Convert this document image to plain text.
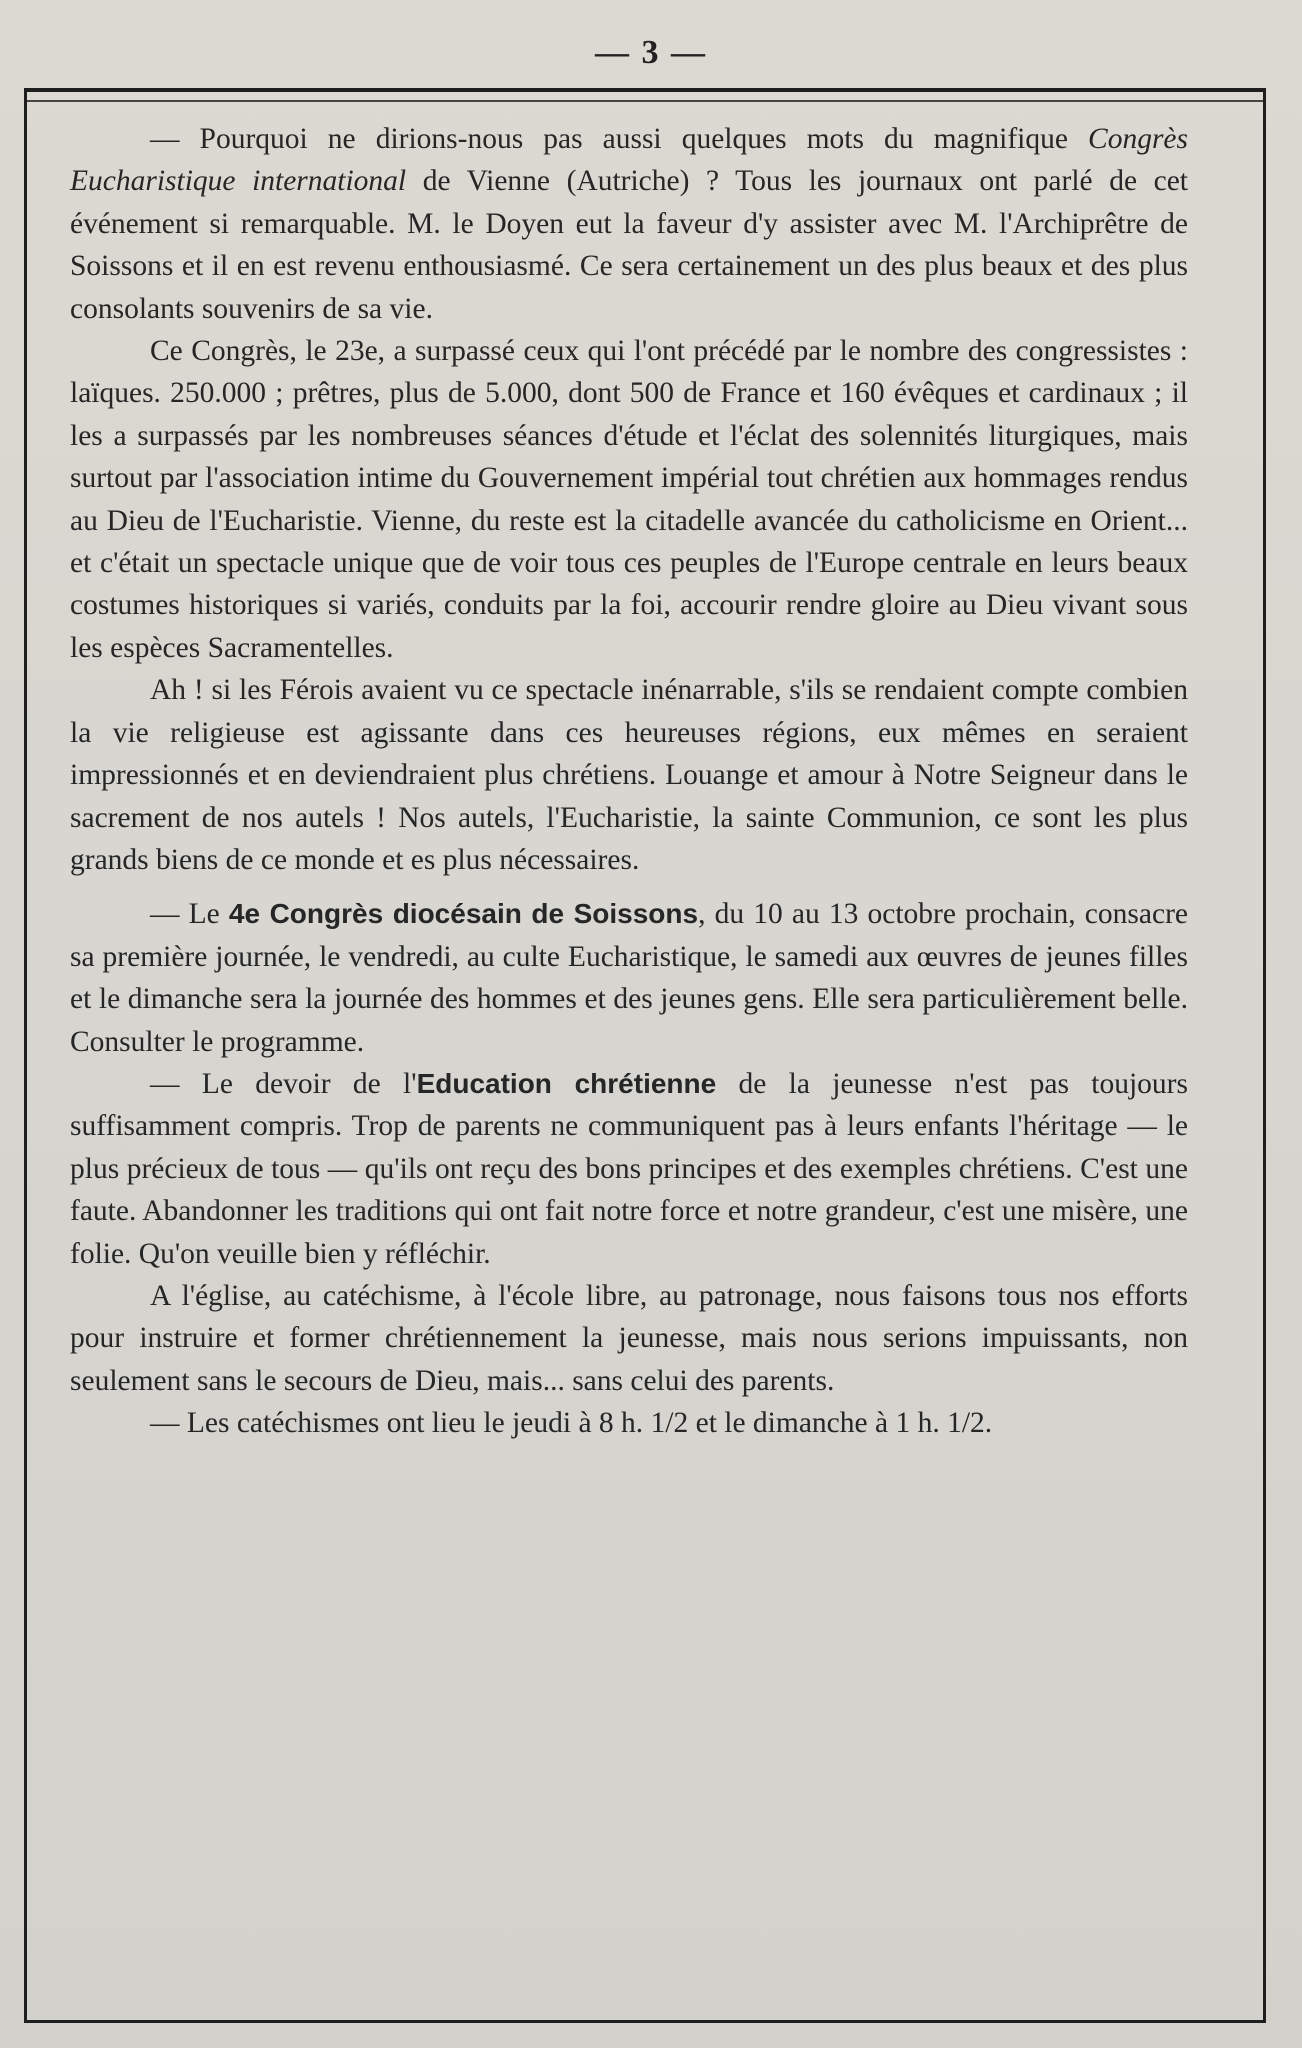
— 3 —

— Pourquoi ne dirions-nous pas aussi quelques mots du magnifique Congrès Eucharistique international de Vienne (Autriche) ? Tous les journaux ont parlé de cet événement si remarquable. M. le Doyen eut la faveur d'y assister avec M. l'Archiprêtre de Soissons et il en est revenu enthousiasmé. Ce sera certainement un des plus beaux et des plus consolants souvenirs de sa vie.

Ce Congrès, le 23e, a surpassé ceux qui l'ont précédé par le nombre des congressistes : laïques. 250.000 ; prêtres, plus de 5.000, dont 500 de France et 160 évêques et cardinaux ; il les a surpassés par les nombreuses séances d'étude et l'éclat des solennités liturgiques, mais surtout par l'association intime du Gouvernement impérial tout chrétien aux hommages rendus au Dieu de l'Eucharistie. Vienne, du reste est la citadelle avancée du catholicisme en Orient... et c'était un spectacle unique que de voir tous ces peuples de l'Europe centrale en leurs beaux costumes historiques si variés, conduits par la foi, accourir rendre gloire au Dieu vivant sous les espèces Sacramentelles.

Ah ! si les Férois avaient vu ce spectacle inénarrable, s'ils se rendaient compte combien la vie religieuse est agissante dans ces heureuses régions, eux mêmes en seraient impressionnés et en deviendraient plus chrétiens. Louange et amour à Notre Seigneur dans le sacrement de nos autels ! Nos autels, l'Eucharistie, la sainte Communion, ce sont les plus grands biens de ce monde et es plus nécessaires.

— Le 4e Congrès diocésain de Soissons, du 10 au 13 octobre prochain, consacre sa première journée, le vendredi, au culte Eucharistique, le samedi aux œuvres de jeunes filles et le dimanche sera la journée des hommes et des jeunes gens. Elle sera particulièrement belle. Consulter le programme.

— Le devoir de l'Education chrétienne de la jeunesse n'est pas toujours suffisamment compris. Trop de parents ne communiquent pas à leurs enfants l'héritage — le plus précieux de tous — qu'ils ont reçu des bons principes et des exemples chrétiens. C'est une faute. Abandonner les traditions qui ont fait notre force et notre grandeur, c'est une misère, une folie. Qu'on veuille bien y réfléchir.

A l'église, au catéchisme, à l'école libre, au patronage, nous faisons tous nos efforts pour instruire et former chrétiennement la jeunesse, mais nous serions impuissants, non seulement sans le secours de Dieu, mais... sans celui des parents.

— Les catéchismes ont lieu le jeudi à 8 h. 1/2 et le dimanche à 1 h. 1/2.
